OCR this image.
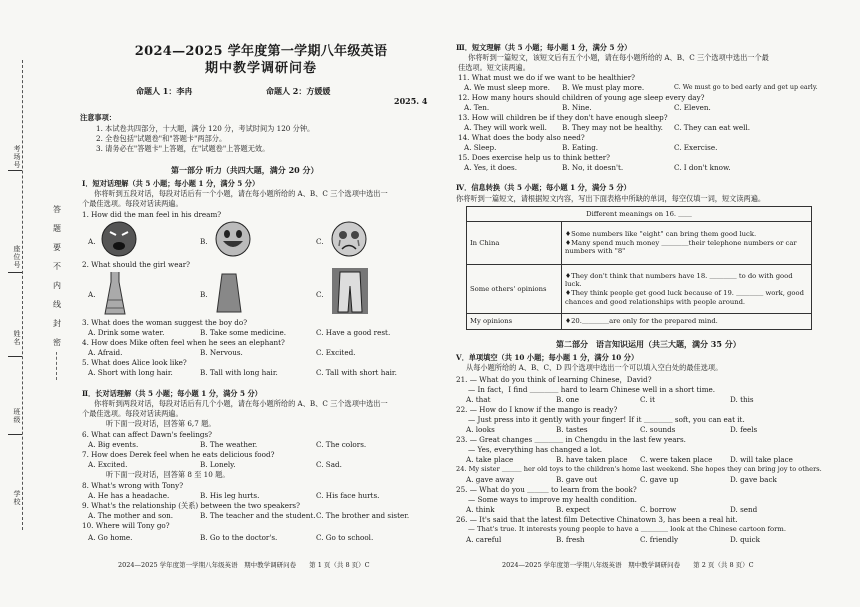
考场号
座位号
姓名
班级
学校
答
题
要
不
内
线
封
密
2024—2025 学年度第一学期八年级英语
期中教学调研问卷
命题人 1：李冉	命题人 2：方媛媛
2025. 4
注意事项：
1. 本试卷共四部分，十大题，满分 120 分，考试时间为 120 分钟。
2. 全卷包括"试题卷"和"答题卡"两部分。
3. 请务必在"答题卡"上答题，在"试题卷"上答题无效。
第一部分 听力（共四大题，满分 20 分）
Ⅰ．短对话理解（共 5 小题；每小题 1 分，满分 5 分）
你将听到五段对话，每段对话后有一个小题，请在每小题所给的 A、B、C 三个选项中选出一
个最佳选项。每段对话读两遍。
1. How did the man feel in his dream?
A.	B.	C.
2. What should the girl wear?
A.	B.	C.
3. What does the woman suggest the boy do?
A. Drink some water.	B. Take some medicine.	C. Have a good rest.
4. How does Mike often feel when he sees an elephant?
A. Afraid.	B. Nervous.	C. Excited.
5. What does Alice look like?
A. Short with long hair.	B. Tall with long hair.	C. Tall with short hair.
Ⅱ．长对话理解（共 5 小题；每小题 1 分，满分 5 分）
你将听到两段对话，每段对话后有几个小题，请在每小题所给的 A、B、C 三个选项中选出一
个最佳选项。每段对话读两遍。
听下面一段对话，回答第 6,7 题。
6. What can affect Dawn's feelings?
A. Big events.	B. The weather.	C. The colors.
7. How does Derek feel when he eats delicious food?
A. Excited.	B. Lonely.	C. Sad.
听下面一段对话，回答第 8 至 10 题。
8. What's wrong with Tony?
A. He has a headache.	B. His leg hurts.	C. His face hurts.
9. What's the relationship (关系) between the two speakers?
A. The mother and son.	B. The teacher and the student. C. The brother and sister.
10. Where will Tony go?
A. Go home.	B. Go to the doctor's.	C. Go to school.
2024—2025 学年度第一学期八年级英语　期中教学调研问卷　　第 1 页（共 8 页）C
Ⅲ．短文理解（共 5 小题；每小题 1 分，满分 5 分）
你将听到一篇短文，该短文后有五个小题，请在每小题所给的 A、B、C 三个选项中选出一个最
佳选项。短文读两遍。
11. What must we do if we want to be healthier?
A. We must sleep more. B. We must play more.	C. We must go to bed early and get up early.
12. How many hours should children of young age sleep every day?
A. Ten.	B. Nine.	C. Eleven.
13. How will children be if they don't have enough sleep?
A. They will work well. B. They may not be healthy. C. They can eat well.
14. What does the body also need?
A. Sleep.	B. Eating.	C. Exercise.
15. Does exercise help us to think better?
A. Yes, it does.	B. No, it doesn't.	C. I don't know.
Ⅳ．信息转换（共 5 小题；每小题 1 分，满分 5 分）
你将听到一篇短文，请根据短文内容，写出下面表格中所缺的单词，每空仅填一词，短文读两遍。
Different meanings on 16. ＿＿	
In China	♦Some numbers like "eight" can bring them good luck.
♦Many spend much money ＿＿＿＿their telephone numbers or car numbers with "8"

Some others' opinions	♦They don't think that numbers have 18. ＿＿＿＿ to do with good luck.
♦They think people get good luck because of 19. ＿＿＿＿ work, good chances and good relationships with people around.

My opinions	♦20.＿＿＿＿are only for the prepared mind.
第二部分　语言知识运用（共三大题，满分 35 分）
Ⅴ．单项填空（共 10 小题；每小题 1 分，满分 10 分）
从每小题所给的 A、B、C、D 四个选项中选出一个可以填入空白处的最佳选项。
21. — What do you think of learning Chinese，David?
— In fact，I find ＿＿＿＿ hard to learn Chinese well in a short time.
A. that	B. one	C. it	D. this
22. — How do I know if the mango is ready?
— Just press into it gently with your finger! If it ＿＿＿＿ soft, you can eat it.
A. looks	B. tastes	C. sounds	D. feels
23. — Great changes ＿＿＿＿ in Chengdu in the last few years.
— Yes, everything has changed a lot.
A. take place	B. have taken place C. were taken place D. will take place
24. My sister ＿＿＿ her old toys to the children's home last weekend. She hopes they can bring joy to others.
A. gave away	B. gave out	C. gave up	D. gave back
25. — What do you ＿＿＿ to learn from the book?
— Some ways to improve my health condition.
A. think	B. expect	C. borrow	D. send
26. — It's said that the latest film Detective Chinatown 3, has been a real hit.
— That's true. It interests young people to have a ＿＿＿＿ look at the Chinese cartoon form.
A. careful	B. fresh	C. friendly	D. quick
2024—2025 学年度第一学期八年级英语　期中教学调研问卷　　第 2 页（共 8 页）C
